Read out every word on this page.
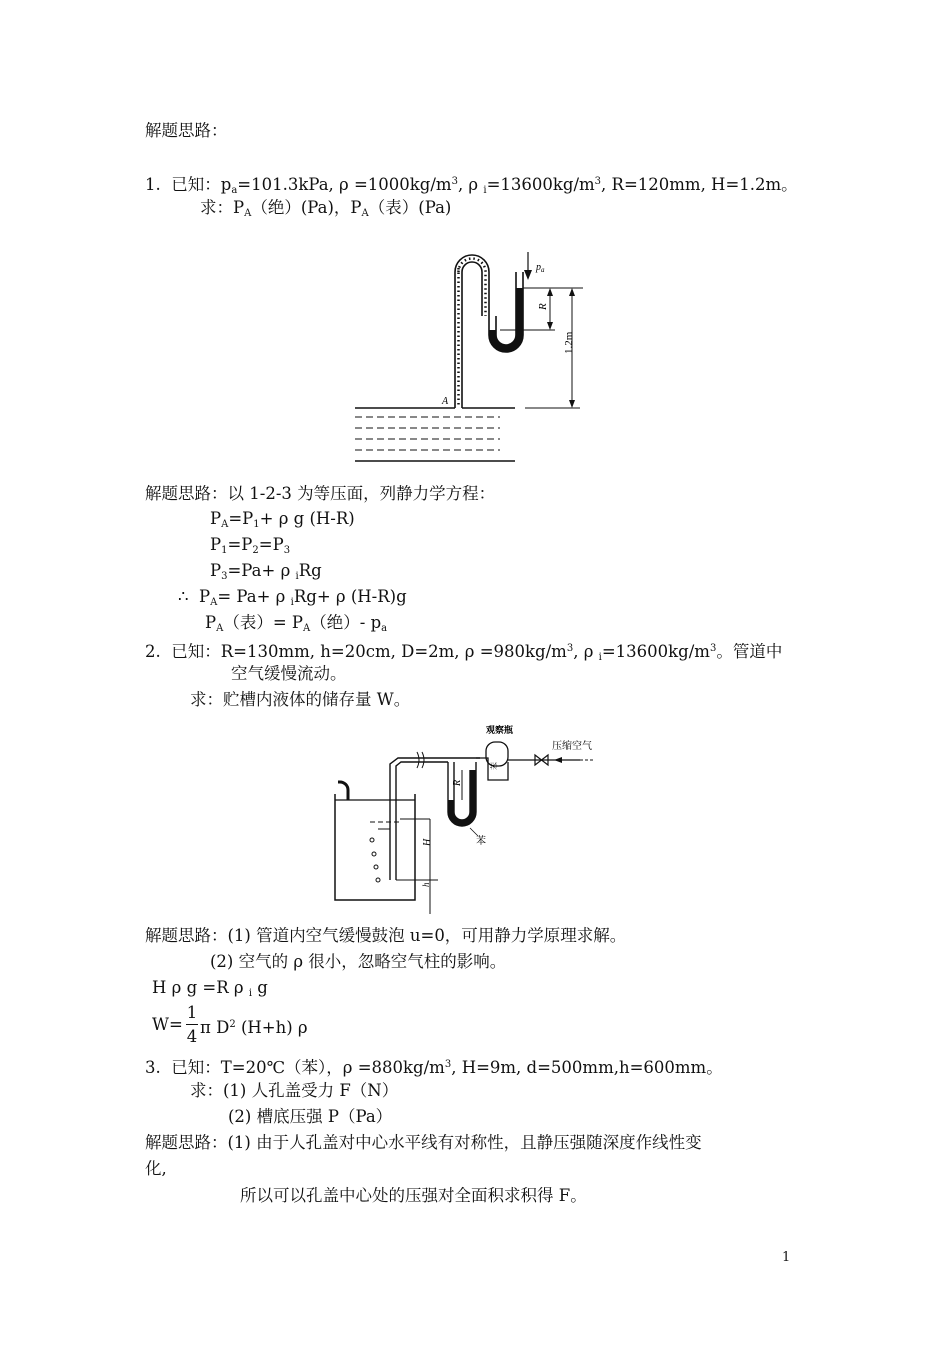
解题思路：
1. 已知：$p_a=101.3kPa$, $\rho =1000kg/m^3$, ρ $_i=13600kg/m^3$, R=120mm, H=1.2m。
求：$P_A$（绝）(Pa)，$P_A$（表）(Pa)
$p_a$
R
1.2m
A
解题思路：以 1-2-3 为等压面，列静力学方程：
$P_A=P_1+ \rho$ g (H-R)
$P_1=P_2=P_3$
$P_3=Pa+ \rho$ $_i$Rg
∴ $P_A= Pa+ \rho$ $_i$Rg+ ρ (H-R)g
$P_A$（表）= $P_A$（绝）- $p_a$
2. 已知：R=130mm, h=20cm, D=2m, $\rho =980kg/m^3$, ρ $_i=13600kg/m^3$。管道中
空气缓慢流动。
求：贮槽内液体的储存量 W。
R
苯
观察瓶
压缩空气
苯
H
h
解题思路：(1) 管道内空气缓慢鼓泡 u=0，可用静力学原理求解。
(2) 空气的 ρ 很小，忽略空气柱的影响。
H ρ g =R ρ $_i$ g
W=
1
4 π $D^2$ (H+h) ρ
3. 已知：T=20℃（苯），$\rho =880kg/m^3$, H=9m, d=500mm,h=600mm。
求：(1) 人孔盖受力 F（N）
(2) 槽底压强 P（Pa）
解题思路：(1) 由于人孔盖对中心水平线有对称性，且静压强随深度作线性变
化,
所以可以孔盖中心处的压强对全面积求积得 F。
1
